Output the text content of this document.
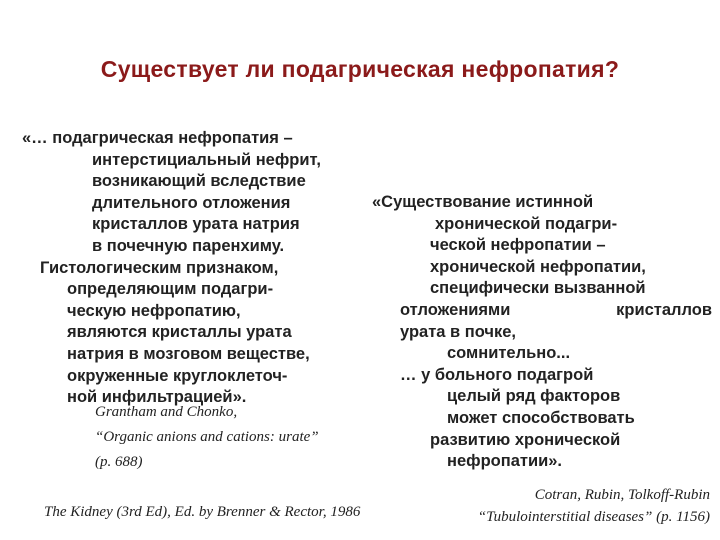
Существует ли подагрическая нефропатия?
«… подагрическая нефропатия –
интерстициальный нефрит,
возникающий вследствие
длительного отложения
кристаллов урата натрия
в почечную паренхиму.
Гистологическим признаком,
определяющим подагри-
ческую нефропатию,
являются кристаллы урата
натрия в мозговом веществе,
окруженные круглоклеточ-
ной инфильтрацией».
Grantham and Chonko,
“Organic anions and cations: urate”
(p. 688)
«Существование истинной
хронической подагри-
ческой нефропатии –
хронической нефропатии,
специфически вызванной
отложениями	кристаллов
урата в почке,
сомнительно...
… у больного подагрой
целый ряд факторов
может способствовать
развитию хронической
нефропатии».
The Kidney (3rd Ed), Ed. by Brenner & Rector, 1986
Cotran, Rubin, Tolkoff-Rubin
“Tubulointerstitial diseases” (p. 1156)
